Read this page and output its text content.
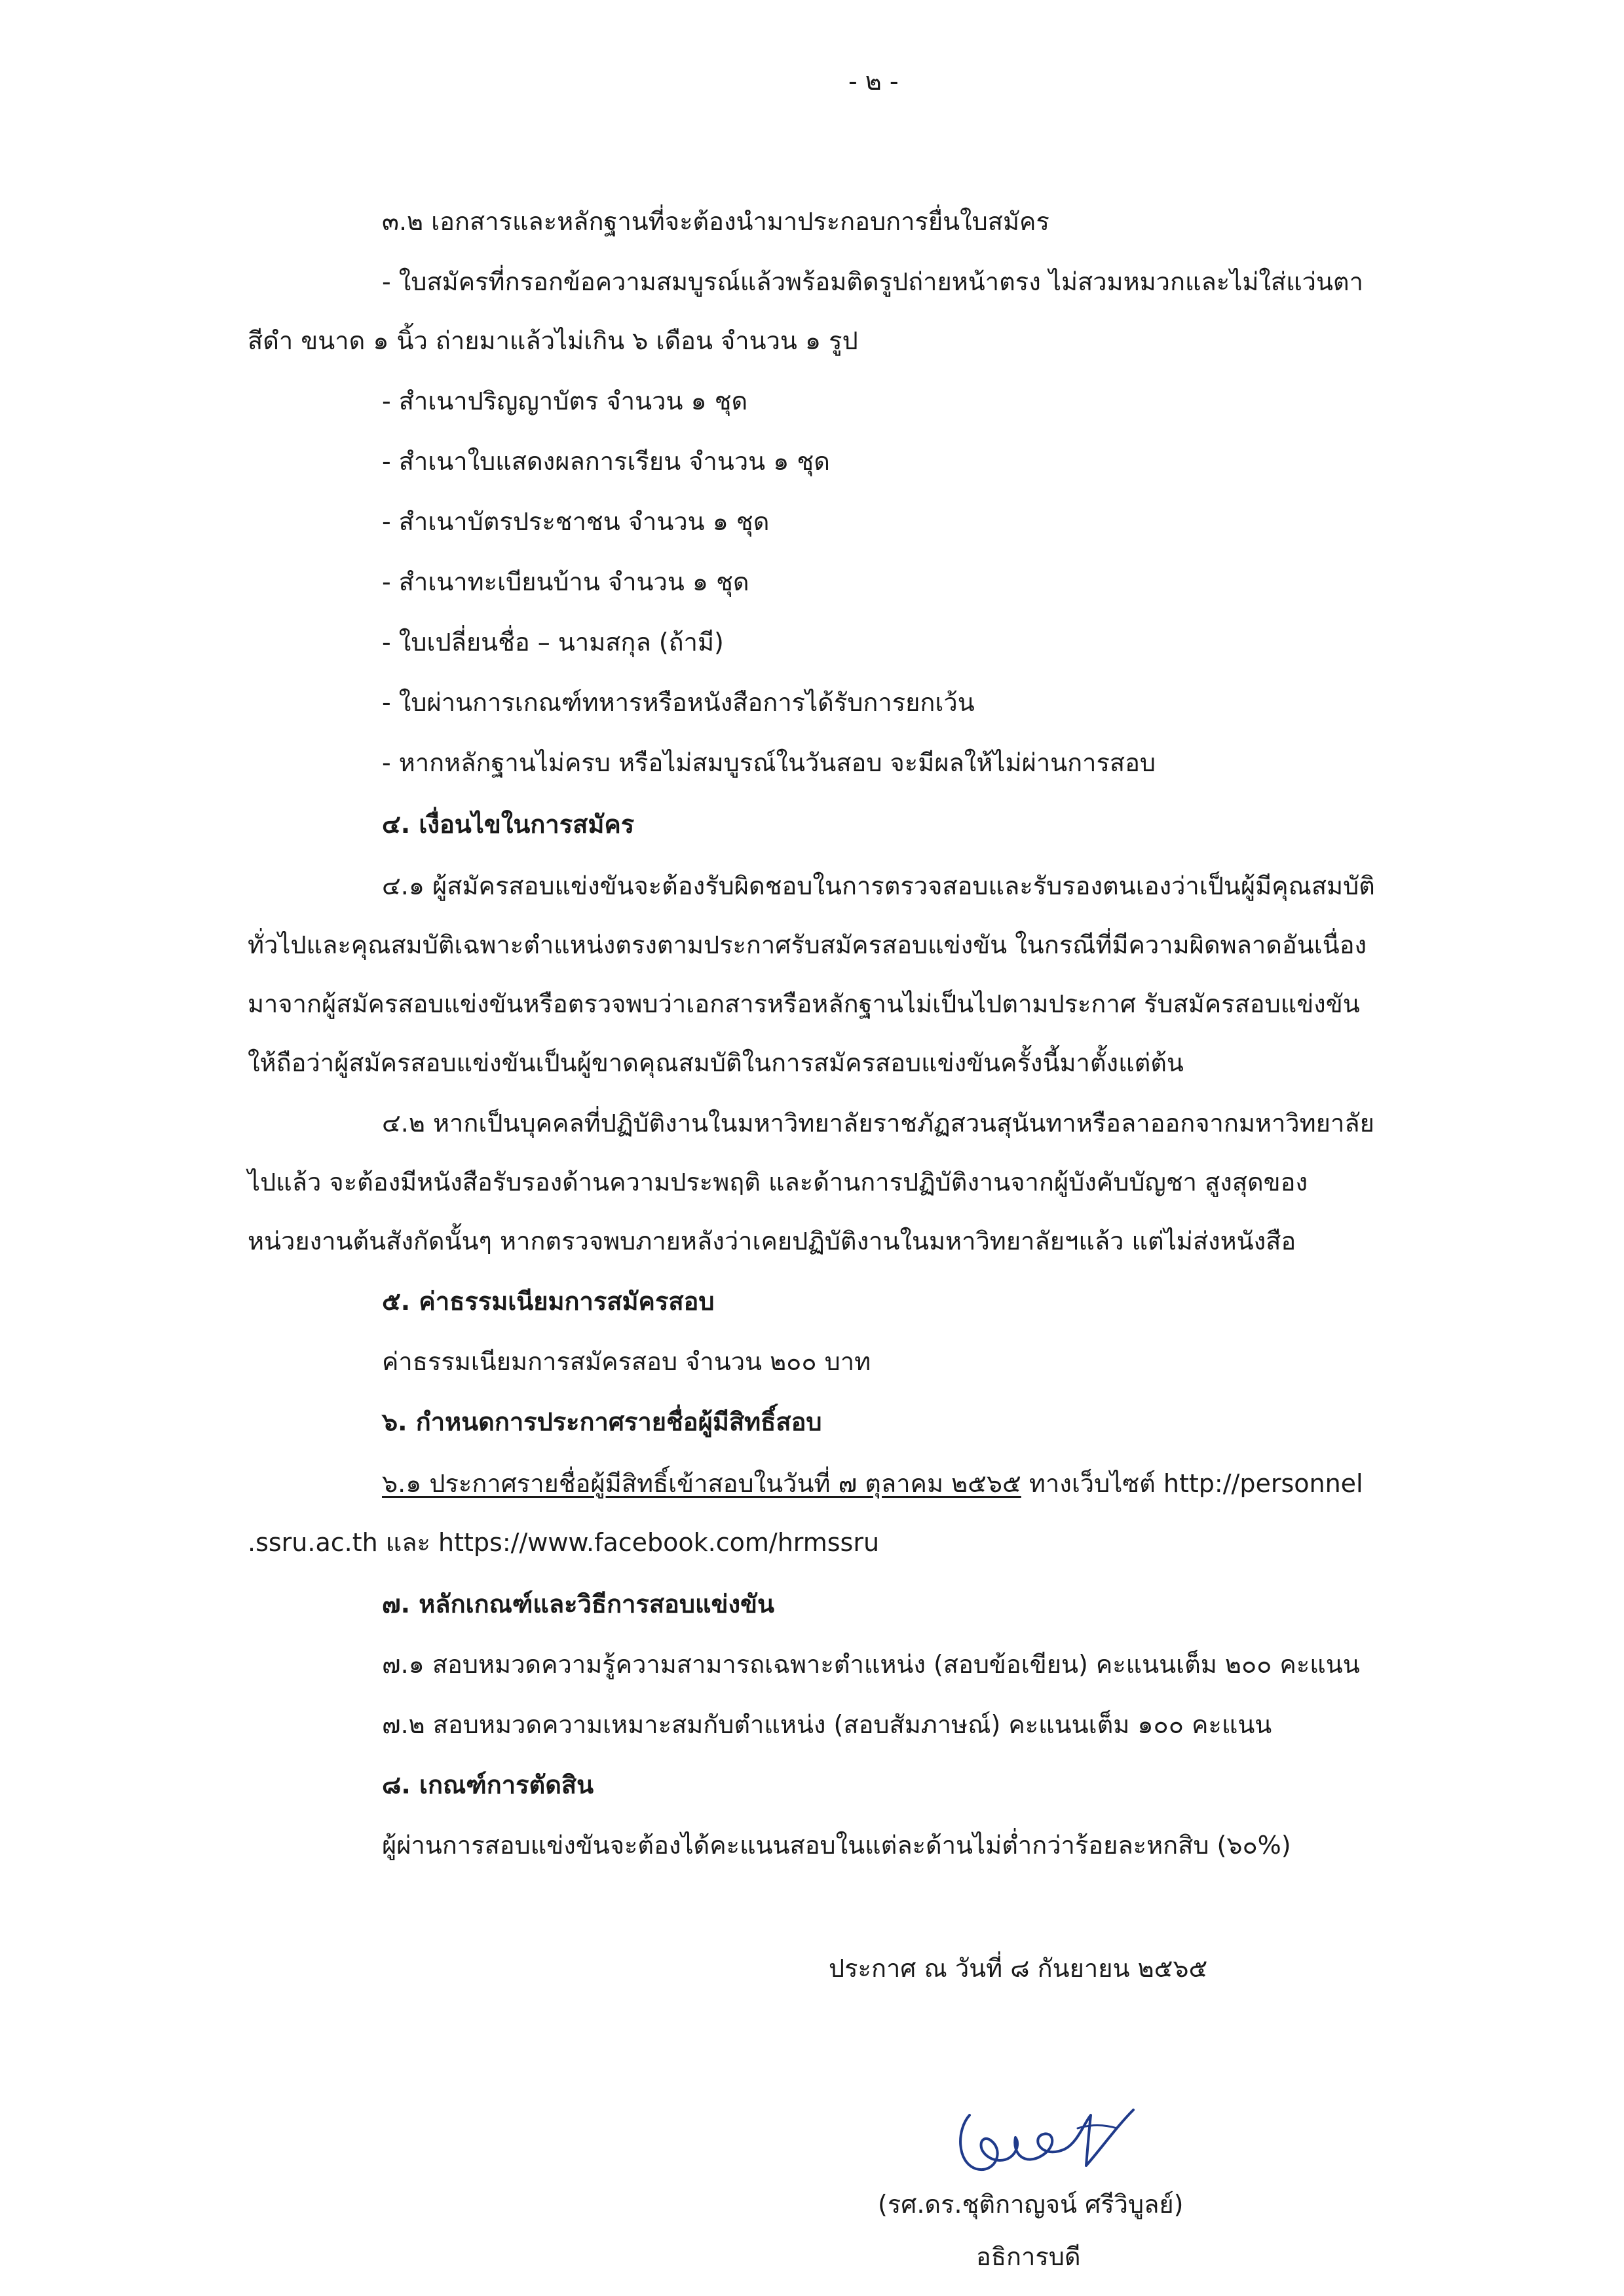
- ๒ -

๓.๒ เอกสารและหลักฐานที่จะต้องนำมาประกอบการยื่นใบสมัคร

- ใบสมัครที่กรอกข้อความสมบูรณ์แล้วพร้อมติดรูปถ่ายหน้าตรง ไม่สวมหมวกและไม่ใส่แว่นตา

สีดำ ขนาด ๑ นิ้ว ถ่ายมาแล้วไม่เกิน ๖ เดือน จำนวน ๑ รูป

- สำเนาปริญญาบัตร จำนวน ๑ ชุด

- สำเนาใบแสดงผลการเรียน จำนวน ๑ ชุด

- สำเนาบัตรประชาชน จำนวน ๑ ชุด

- สำเนาทะเบียนบ้าน จำนวน ๑ ชุด

- ใบเปลี่ยนชื่อ – นามสกุล (ถ้ามี)

- ใบผ่านการเกณฑ์ทหารหรือหนังสือการได้รับการยกเว้น

- หากหลักฐานไม่ครบ หรือไม่สมบูรณ์ในวันสอบ จะมีผลให้ไม่ผ่านการสอบ

๔. เงื่อนไขในการสมัคร

๔.๑ ผู้สมัครสอบแข่งขันจะต้องรับผิดชอบในการตรวจสอบและรับรองตนเองว่าเป็นผู้มีคุณสมบัติ

ทั่วไปและคุณสมบัติเฉพาะตำแหน่งตรงตามประกาศรับสมัครสอบแข่งขัน ในกรณีที่มีความผิดพลาดอันเนื่อง

มาจากผู้สมัครสอบแข่งขันหรือตรวจพบว่าเอกสารหรือหลักฐานไม่เป็นไปตามประกาศ รับสมัครสอบแข่งขัน

ให้ถือว่าผู้สมัครสอบแข่งขันเป็นผู้ขาดคุณสมบัติในการสมัครสอบแข่งขันครั้งนี้มาตั้งแต่ต้น

๔.๒ หากเป็นบุคคลที่ปฏิบัติงานในมหาวิทยาลัยราชภัฏสวนสุนันทาหรือลาออกจากมหาวิทยาลัย

ไปแล้ว จะต้องมีหนังสือรับรองด้านความประพฤติ และด้านการปฏิบัติงานจากผู้บังคับบัญชา สูงสุดของ

หน่วยงานต้นสังกัดนั้นๆ หากตรวจพบภายหลังว่าเคยปฏิบัติงานในมหาวิทยาลัยฯแล้ว แต่ไม่ส่งหนังสือ

๕. ค่าธรรมเนียมการสมัครสอบ

ค่าธรรมเนียมการสมัครสอบ จำนวน ๒๐๐ บาท

๖. กำหนดการประกาศรายชื่อผู้มีสิทธิ์สอบ

๖.๑ ประกาศรายชื่อผู้มีสิทธิ์เข้าสอบในวันที่ ๗ ตุลาคม ๒๕๖๕ ทางเว็บไซต์ http://personnel

.ssru.ac.th และ https://www.facebook.com/hrmssru

๗. หลักเกณฑ์และวิธีการสอบแข่งขัน

๗.๑ สอบหมวดความรู้ความสามารถเฉพาะตำแหน่ง (สอบข้อเขียน) คะแนนเต็ม ๒๐๐ คะแนน

๗.๒ สอบหมวดความเหมาะสมกับตำแหน่ง (สอบสัมภาษณ์) คะแนนเต็ม ๑๐๐ คะแนน

๘. เกณฑ์การตัดสิน

ผู้ผ่านการสอบแข่งขันจะต้องได้คะแนนสอบในแต่ละด้านไม่ต่ำกว่าร้อยละหกสิบ (๖๐%)

ประกาศ ณ วันที่ ๘ กันยายน ๒๕๖๕

(รศ.ดร.ชุติกาญจน์ ศรีวิบูลย์)

อธิการบดี
